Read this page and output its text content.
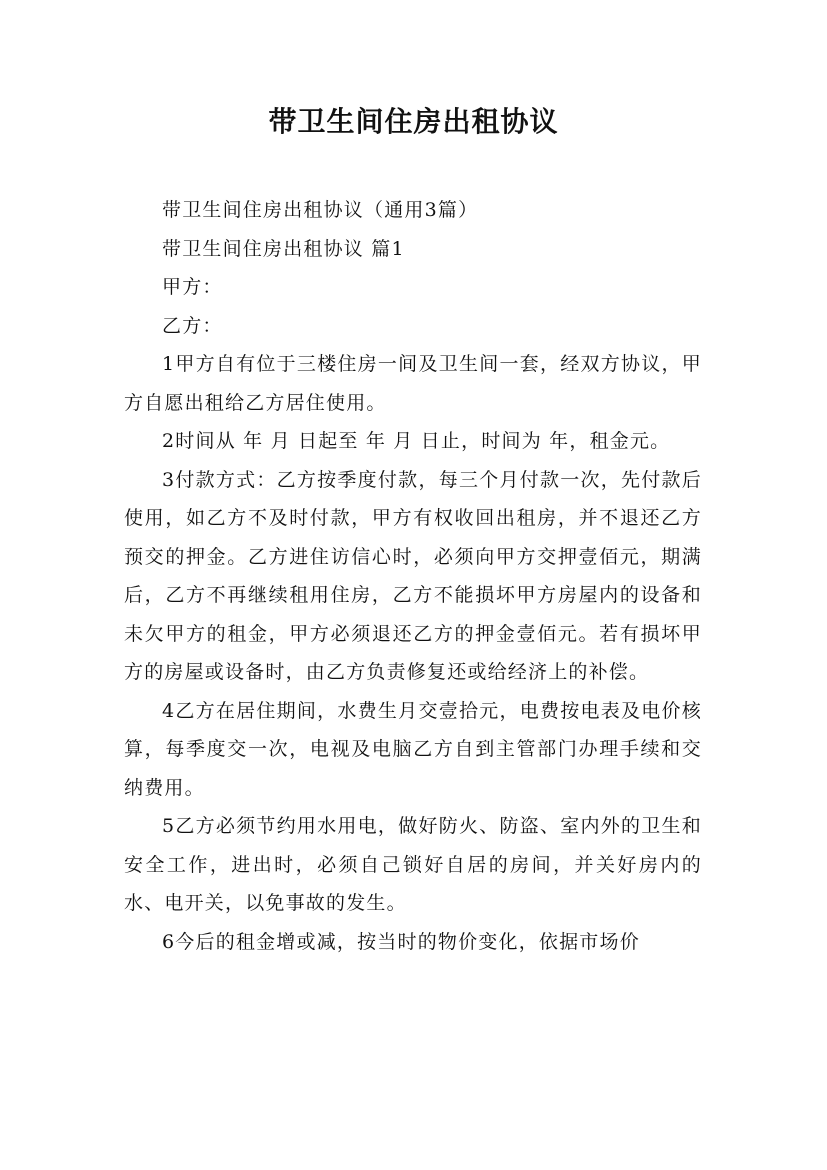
带卫生间住房出租协议

带卫生间住房出租协议（通用3篇）

带卫生间住房出租协议 篇1

甲方：

乙方：

1甲方自有位于三楼住房一间及卫生间一套，经双方协议，甲方自愿出租给乙方居住使用。

2时间从 年 月 日起至 年 月 日止，时间为 年，租金元。

3付款方式：乙方按季度付款，每三个月付款一次，先付款后使用，如乙方不及时付款，甲方有权收回出租房，并不退还乙方预交的押金。乙方进住访信心时，必须向甲方交押壹佰元，期满后，乙方不再继续租用住房，乙方不能损坏甲方房屋内的设备和未欠甲方的租金，甲方必须退还乙方的押金壹佰元。若有损坏甲方的房屋或设备时，由乙方负责修复还或给经济上的补偿。

4乙方在居住期间，水费生月交壹拾元，电费按电表及电价核算，每季度交一次，电视及电脑乙方自到主管部门办理手续和交纳费用。

5乙方必须节约用水用电，做好防火、防盗、室内外的卫生和安全工作，进出时，必须自己锁好自居的房间，并关好房内的水、电开关，以免事故的发生。

6今后的租金增或减，按当时的物价变化，依据市场价
